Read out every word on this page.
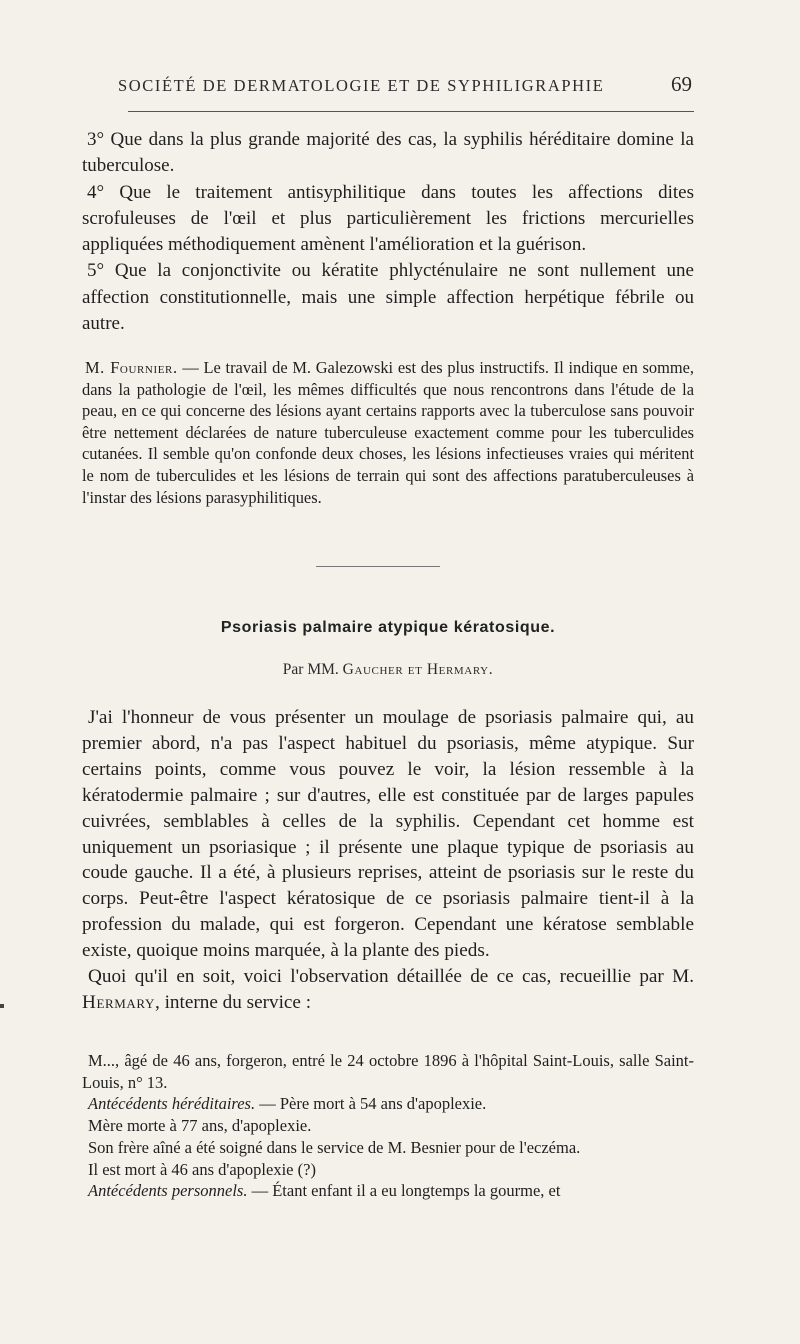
SOCIÉTÉ DE DERMATOLOGIE ET DE SYPHILIGRAPHIE	69

3° Que dans la plus grande majorité des cas, la syphilis héréditaire domine la tuberculose.

4° Que le traitement antisyphilitique dans toutes les affections dites scrofuleuses de l'œil et plus particulièrement les frictions mercurielles appliquées méthodiquement amènent l'amélioration et la guérison.

5° Que la conjonctivite ou kératite phlycténulaire ne sont nullement une affection constitutionnelle, mais une simple affection herpétique fébrile ou autre.

M. Fournier. — Le travail de M. Galezowski est des plus instructifs. Il indique en somme, dans la pathologie de l'œil, les mêmes difficultés que nous rencontrons dans l'étude de la peau, en ce qui concerne des lésions ayant certains rapports avec la tuberculose sans pouvoir être nettement déclarées de nature tuberculeuse exactement comme pour les tuberculides cutanées. Il semble qu'on confonde deux choses, les lésions infectieuses vraies qui méritent le nom de tuberculides et les lésions de terrain qui sont des affections paratuberculeuses à l'instar des lésions parasyphilitiques.

Psoriasis palmaire atypique kératosique.
Par MM. Gaucher et Hermary.

J'ai l'honneur de vous présenter un moulage de psoriasis palmaire qui, au premier abord, n'a pas l'aspect habituel du psoriasis, même atypique. Sur certains points, comme vous pouvez le voir, la lésion ressemble à la kératodermie palmaire ; sur d'autres, elle est constituée par de larges papules cuivrées, semblables à celles de la syphilis. Cependant cet homme est uniquement un psoriasique ; il présente une plaque typique de psoriasis au coude gauche. Il a été, à plusieurs reprises, atteint de psoriasis sur le reste du corps. Peut-être l'aspect kératosique de ce psoriasis palmaire tient-il à la profession du malade, qui est forgeron. Cependant une kératose semblable existe, quoique moins marquée, à la plante des pieds.

Quoi qu'il en soit, voici l'observation détaillée de ce cas, recueillie par M. Hermary, interne du service :

M..., âgé de 46 ans, forgeron, entré le 24 octobre 1896 à l'hôpital Saint-Louis, salle Saint-Louis, n° 13.

Antécédents héréditaires. — Père mort à 54 ans d'apoplexie.

Mère morte à 77 ans, d'apoplexie.

Son frère aîné a été soigné dans le service de M. Besnier pour de l'eczéma.

Il est mort à 46 ans d'apoplexie (?)

Antécédents personnels. — Étant enfant il a eu longtemps la gourme, et
